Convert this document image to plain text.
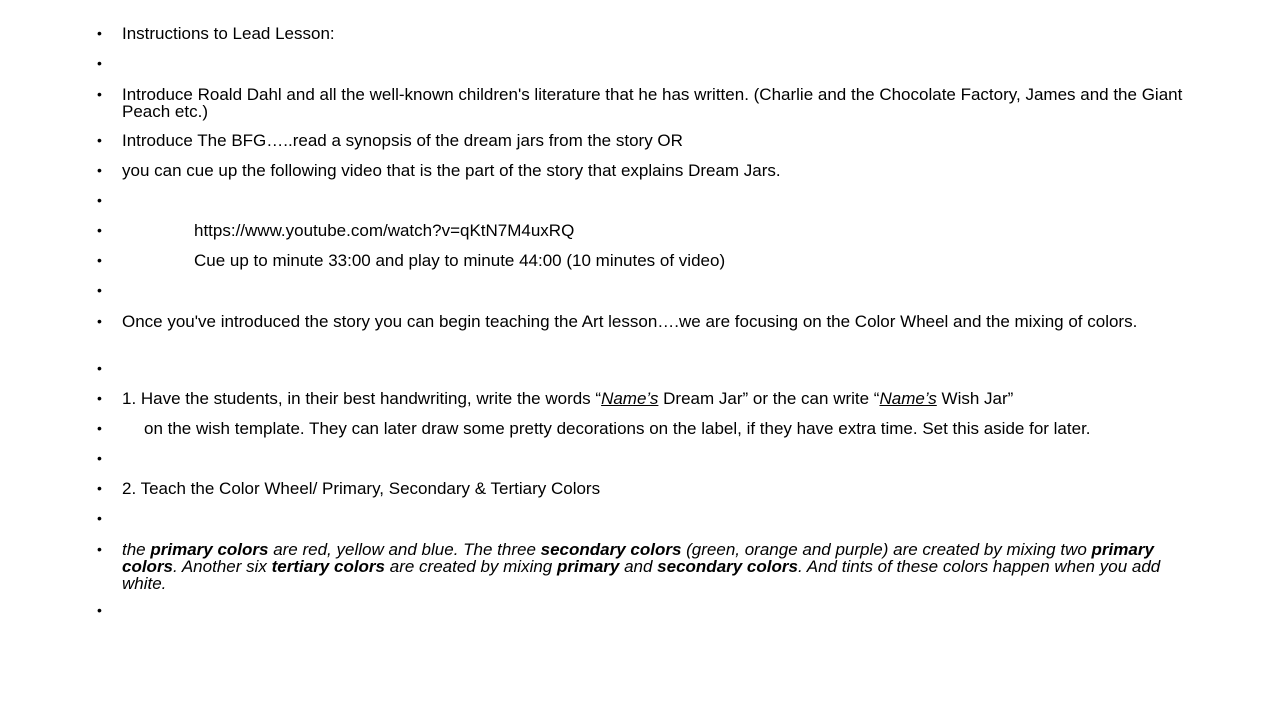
•	Instructions to Lead Lesson:
•
•	Introduce Roald Dahl and all the well-known children's literature that he has written. (Charlie and the Chocolate Factory, James and the Giant Peach etc.)
•	Introduce The BFG…..read a synopsis of the dream jars from the story OR
•	you can cue up the following video that is the part of the story that explains Dream Jars.
•
•	https://www.youtube.com/watch?v=qKtN7M4uxRQ
•	Cue up to minute 33:00 and play to minute 44:00 (10 minutes of video)
•
•	Once you've introduced the story you can begin teaching the Art lesson….we are focusing on the Color Wheel and the mixing of colors.
•
•	1. Have the students, in their best handwriting, write the words “Name’s Dream Jar” or the can write “Name’s Wish Jar”
•	on the wish template. They can later draw some pretty decorations on the label, if they have extra time. Set this aside for later.
•
•	2. Teach the Color Wheel/ Primary, Secondary & Tertiary Colors
•
•	the primary colors are red, yellow and blue. The three secondary colors (green, orange and purple) are created by mixing two primary colors. Another six tertiary colors are created by mixing primary and secondary colors. And tints of these colors happen when you add white.
•
